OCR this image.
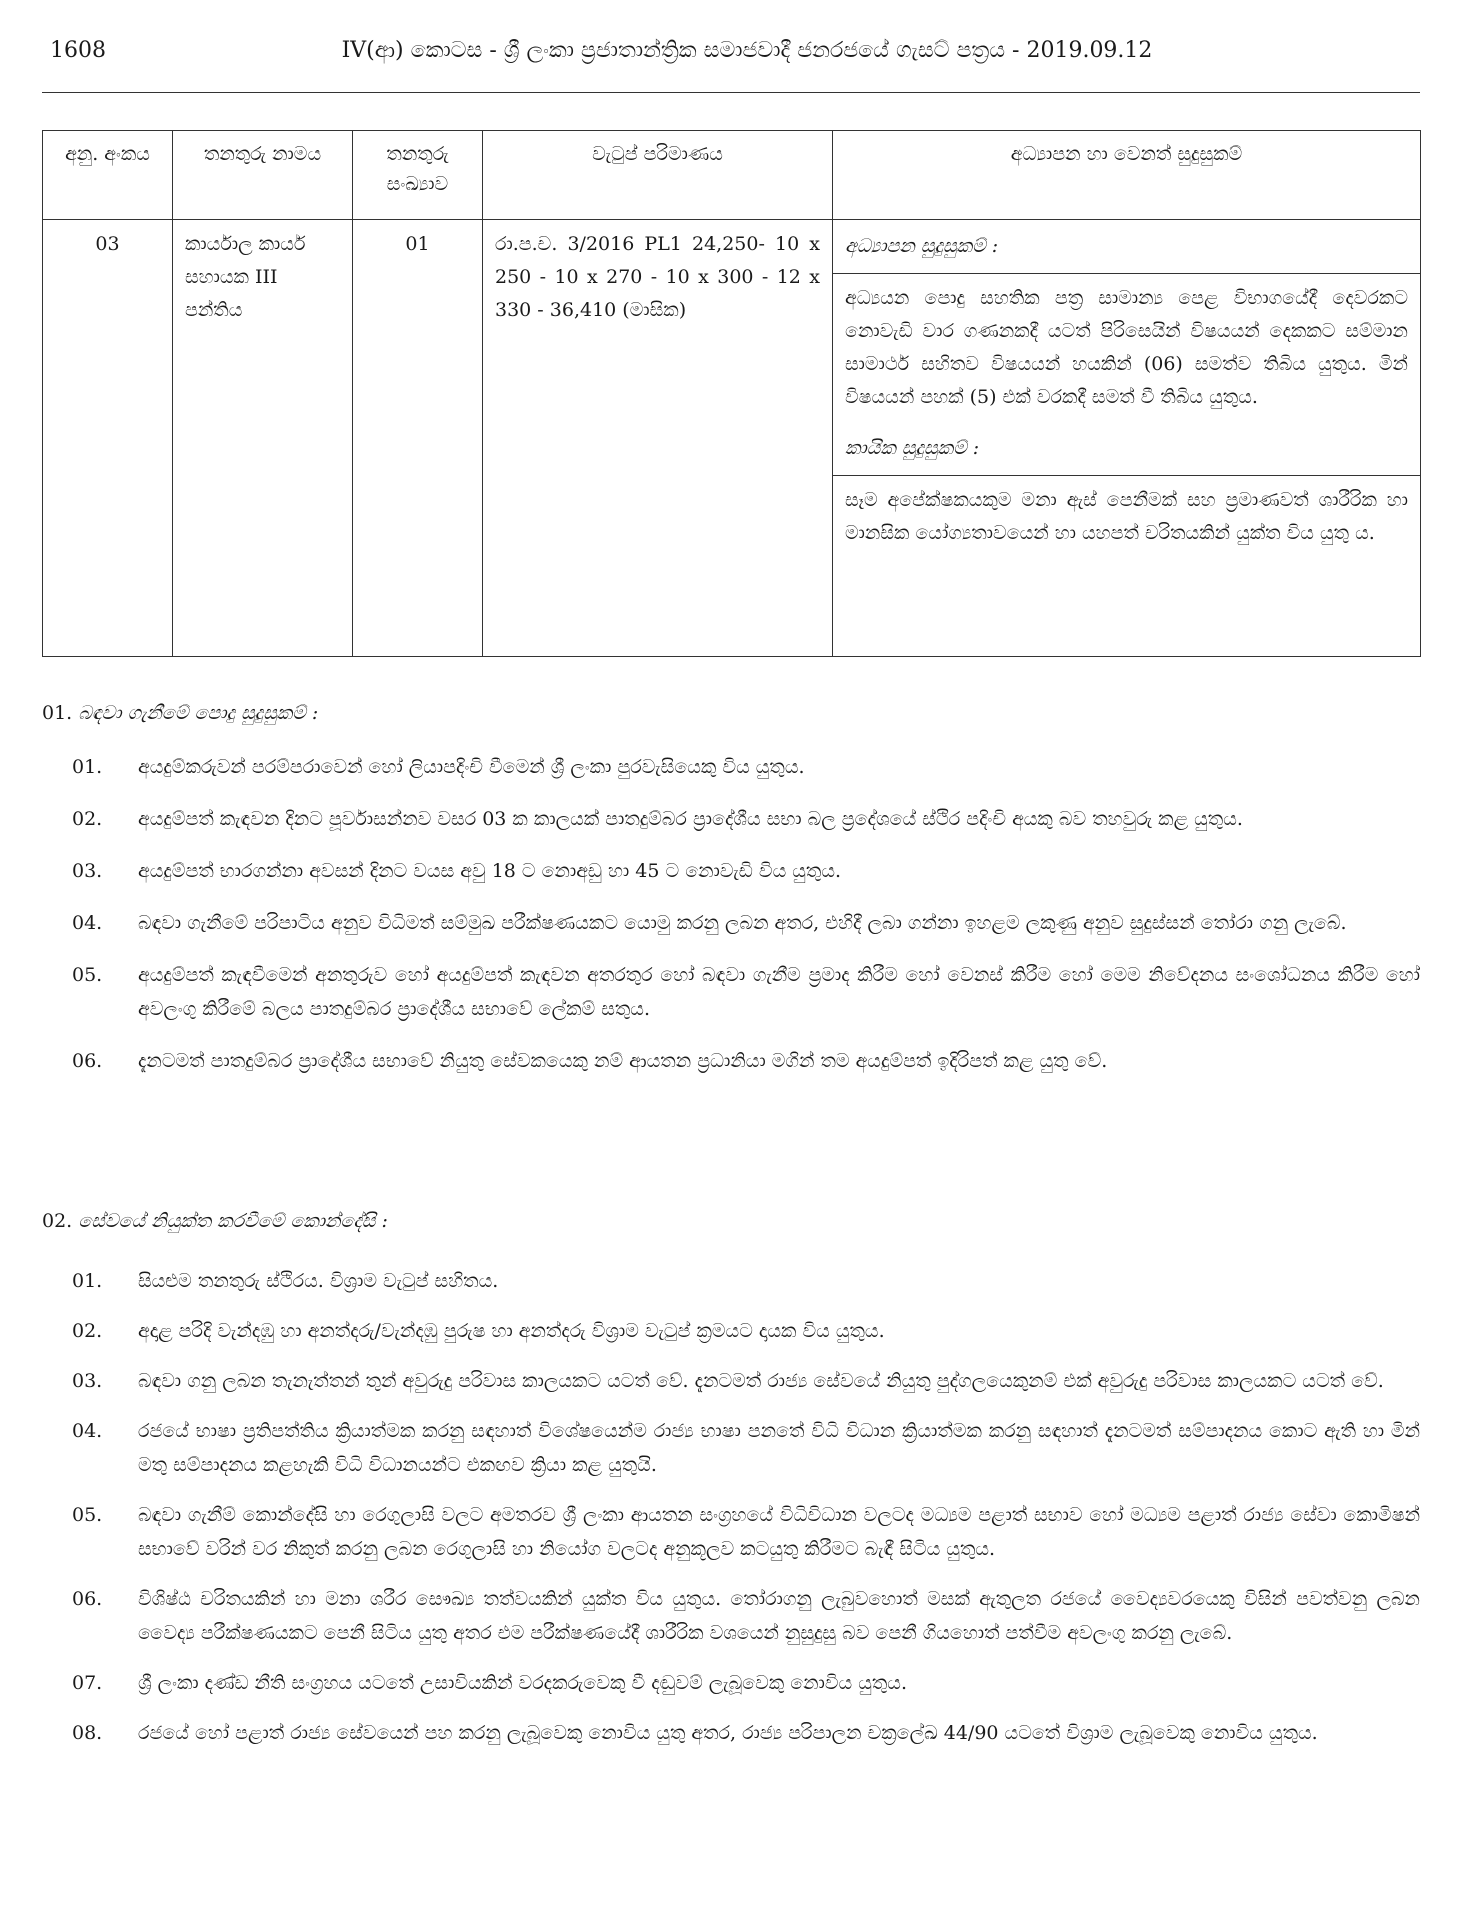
1608	IV(ආ) කොටස - ශ්‍රී ලංකා ප්‍රජාතාන්ත්‍රික සමාජවාදී ජනරජයේ ගැසට් පත්‍රය - 2019.09.12
අනු. අංකය	තනතුරු නාමය	තනතුරු සංඛ්‍යාව	වැටුප් පරිමාණය	අධ්‍යාපන හා වෙනත් සුදුසුකම්
03	කාර්යාල කාර්ය සහායක III පන්තිය	01	රා.ප.ච. 3/2016 PL1 24,250- 10 x 250 - 10 x 270 - 10 x 300 - 12 x 330 - 36,410 (මාසික)	අධ්‍යාපන සුදුසුකම් :
අධ්‍යයන පොදු සහතික පත්‍ර සාමාන්‍ය පෙළ විභාගයේදී දෙවරකට නොවැඩි වාර ගණනකදී යටත් පිරිසෙයින් විෂයයන් දෙකකට සම්මාන සාමාර්ථ සහිතව විෂයයන් හයකින් (06) සමත්ව තිබිය යුතුය. මින් විෂයයන් පහක් (5) එක් වරකදී සමත් වී තිබිය යුතුය.
කායික සුදුසුකම් :
සෑම අපේක්ෂකයකුම මනා ඇස් පෙනීමක් සහ ප්‍රමාණවත් ශාරීරික හා මානසික යෝග්‍යතාවයෙන් හා යහපත් චරිතයකින් යුක්ත විය යුතු ය.
01. බඳවා ගැනීමේ පොදු සුදුසුකම් :
01. අයදුම්කරුවන් පරම්පරාවෙන් හෝ ලියාපදිංචි වීමෙන් ශ්‍රී ලංකා පුරවැසියෙකු විය යුතුය.
02. අයදුම්පත් කැඳවන දිනට පූර්වාසන්නව වසර 03 ක කාලයක් පාතදුම්බර ප්‍රාදේශීය සභා බල ප්‍රදේශයේ ස්ථිර පදිංචි අයකු බව තහවුරු කළ යුතුය.
03. අයදුම්පත් භාරගන්නා අවසන් දිනට වයස අවු 18 ට නොඅඩු හා 45 ට නොවැඩි විය යුතුය.
04. බඳවා ගැනීමේ පරිපාටිය අනුව විධිමත් සම්මුඛ පරීක්ෂණයකට යොමු කරනු ලබන අතර, එහිදී ලබා ගන්නා ඉහළම ලකුණු අනුව සුදුස්සන් තෝරා ගනු ලැබේ.
05. අයදුම්පත් කැඳවීමෙන් අනතුරුව හෝ අයදුම්පත් කැඳවන අතරතුර හෝ බඳවා ගැනීම ප්‍රමාද කිරීම හෝ වෙනස් කිරීම හෝ මෙම නිවේදනය සංශෝධනය කිරීම හෝ අවලංගු කිරීමේ බලය පාතදුම්බර ප්‍රාදේශීය සභාවේ ලේකම් සතුය.
06. දැනටමත් පාතදුම්බර ප්‍රාදේශීය සභාවේ නියුතු සේවකයෙකු නම් ආයතන ප්‍රධානියා මගින් තම අයදුම්පත් ඉදිරිපත් කළ යුතු වේ.
02. සේවයේ නියුක්ත කරවීමේ කොන්දේසි :
01. සියළුම තනතුරු ස්ථිරය. විශ්‍රාම වැටුප් සහිතය.
02. අදාළ පරිදි වැන්දඹු හා අනත්දරු/වැන්දඹු පුරුෂ හා අනත්දරු විශ්‍රාම වැටුප් ක්‍රමයට දායක විය යුතුය.
03. බඳවා ගනු ලබන තැනැත්තන් තුන් අවුරුදු පරිවාස කාලයකට යටත් වේ. දැනටමත් රාජ්‍ය සේවයේ නියුතු පුද්ගලයෙකුනම් එක් අවුරුදු පරිවාස කාලයකට යටත් වේ.
04. රජයේ භාෂා ප්‍රතිපත්තිය ක්‍රියාත්මක කරනු සඳහාත් විශේෂයෙන්ම රාජ්‍ය භාෂා පනතේ විධි විධාන ක්‍රියාත්මක කරනු සඳහාත් දැනටමත් සම්පාදනය කොට ඇති හා මින් මතු සම්පාදනය කළහැකි විධි විධානයන්ට එකඟව ක්‍රියා කළ යුතුයි.
05. බඳවා ගැනීම් කොන්දේසි හා රෙගුලාසි වලට අමතරව ශ්‍රී ලංකා ආයතන සංග්‍රහයේ විධිවිධාන වලටද මධ්‍යම පළාත් සභාව හෝ මධ්‍යම පළාත් රාජ්‍ය සේවා කොමිෂන් සභාවේ වරින් වර නිකුත් කරනු ලබන රෙගුලාසි හා නියෝග වලටද අනුකූලව කටයුතු කිරීමට බැඳී සිටිය යුතුය.
06. විශිෂ්ඨ චරිතයකින් හා මනා ශරීර සෞඛ්‍ය තත්වයකින් යුක්ත විය යුතුය. තෝරාගනු ලැබුවහොත් මසක් ඇතුලත රජයේ වෛද්‍යවරයෙකු විසින් පවත්වනු ලබන වෛද්‍ය පරීක්ෂණයකට පෙනී සිටිය යුතු අතර එම පරීක්ෂණයේදී ශාරීරික වශයෙන් නුසුදුසු බව පෙනී ගියහොත් පත්වීම අවලංගු කරනු ලැබේ.
07. ශ්‍රී ලංකා දණ්ඩ නීති සංග්‍රහය යටතේ උසාවියකින් වරදකරුවෙකු වී දඬුවම් ලැබූවෙකු නොවිය යුතුය.
08. රජයේ හෝ පළාත් රාජ්‍ය සේවයෙන් පහ කරනු ලැබූවෙකු නොවිය යුතු අතර, රාජ්‍ය පරිපාලන චක්‍රලේඛ 44/90 යටතේ විශ්‍රාම ලැබූවෙකු නොවිය යුතුය.
